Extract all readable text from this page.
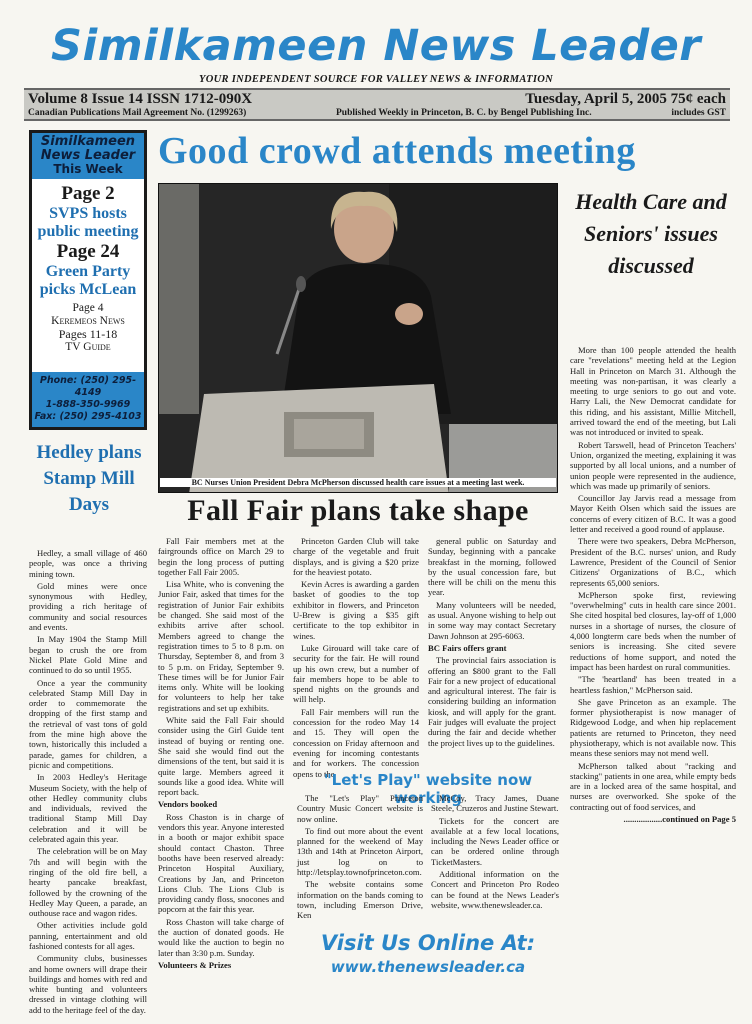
Similkameen News Leader
YOUR INDEPENDENT SOURCE FOR VALLEY NEWS & INFORMATION
Volume 8 Issue 14 ISSN 1712-090X	Tuesday, April 5, 2005 75¢ each
Canadian Publications Mail Agreement No. (1299263)	Published Weekly in Princeton, B. C. by Bengel Publishing Inc.	includes GST
Similkameen
News Leader
This Week
Page 2
SVPS hosts public meeting
Page 24
Green Party picks McLean
Page 4
Keremeos News
Pages 11-18
TV Guide
Phone: (250) 295-4149
1-888-350-9969
Fax: (250) 295-4103
Hedley plans Stamp Mill Days

Hedley, a small village of 460 people, was once a thriving mining town.

Gold mines were once synonymous with Hedley, providing a rich heritage of community and social resources and events.

In May 1904 the Stamp Mill began to crush the ore from Nickel Plate Gold Mine and continued to do so until 1955.

Once a year the community celebrated Stamp Mill Day in order to commemorate the dropping of the first stamp and the retrieval of vast tons of gold from the mine high above the town, historically this included a parade, games for children, a picnic and competitions.

In 2003 Hedley's Heritage Museum Society, with the help of other Hedley community clubs and individuals, revived the traditional Stamp Mill Day celebration and it will be celebrated again this year.

The celebration will be on May 7th and will begin with the ringing of the old fire bell, a hearty pancake breakfast, followed by the crowning of the Hedley May Queen, a parade, an outhouse race and wagon rides.

Other activities include gold panning, entertainment and old fashioned contests for all ages.

Community clubs, businesses and home owners will drape their buildings and homes with red and white bunting and volunteers dressed in vintage clothing will add to the heritage feel of the day.

Good crowd attends meeting
BC Nurses Union President Debra McPherson discussed health care issues at a meeting last week.
Health Care and Seniors' issues discussed

More than 100 people attended the health care "revelations" meeting held at the Legion Hall in Princeton on March 31. Although the meeting was non-partisan, it was clearly a meeting to urge seniors to go out and vote. Harry Lali, the New Democrat candidate for this riding, and his assistant, Millie Mitchell, arrived toward the end of the meeting, but Lali was not introduced or invited to speak.

Robert Tarswell, head of Princeton Teachers' Union, organized the meeting, explaining it was supported by all local unions, and a number of union people were represented in the audience, which was made up primarily of seniors.

Councillor Jay Jarvis read a message from Mayor Keith Olsen which said the issues are concerns of every citizen of B.C. It was a good letter and received a good round of applause.

There were two speakers, Debra McPherson, President of the B.C. nurses' union, and Rudy Lawrence, President of the Council of Senior Citizens' Organizations of B.C., which represents 65,000 seniors.

McPherson spoke first, reviewing "overwhelming" cuts in health care since 2001. She cited hospital bed closures, lay-off of 1,000 nurses in a shortage of nurses, the closure of 4,000 longterm care beds when the number of seniors is increasing. She cited severe reductions of home support, and noted the impact has been hardest on rural communities.

"The 'heartland' has been treated in a heartless fashion," McPherson said.

She gave Princeton as an example. The former physiotherapist is now manager of Ridgewood Lodge, and when hip replacement patients are returned to Princeton, they need physiotherapy, which is not available now. This means these seniors may not mend well.

McPherson talked about "racking and stacking" patients in one area, while empty beds are in a locked area of the same hospital, and nurses are overworked. She spoke of the contracting out of food services, and

..................continued on Page 5

Fall Fair plans take shape

Fall Fair members met at the fairgrounds office on March 29 to begin the long process of putting together Fall Fair 2005.

Lisa White, who is convening the Junior Fair, asked that times for the registration of Junior Fair exhibits be changed. She said most of the exhibits arrive after school. Members agreed to change the registration times to 5 to 8 p.m. on Thursday, September 8, and from 3 to 5 p.m. on Friday, September 9. These times will be for Junior Fair items only. White will be looking for volunteers to help her take registrations and set up exhibits.

White said the Fall Fair should consider using the Girl Guide tent instead of buying or renting one. She said she would find out the dimensions of the tent, but said it is quite large. Members agreed it sounds like a good idea. White will report back.

Vendors booked

Ross Chaston is in charge of vendors this year. Anyone interested in a booth or major exhibit space should contact Chaston. Three booths have been reserved already: Princeton Hospital Auxiliary, Creations by Jan, and Princeton Lions Club. The Lions Club is providing candy floss, snocones and popcorn at the fair this year.

Ross Chaston will take charge of the auction of donated goods. He would like the auction to begin no later than 3:30 p.m. Sunday.

Volunteers & Prizes

Princeton Garden Club will take charge of the vegetable and fruit displays, and is giving a $20 prize for the heaviest potato.

Kevin Acres is awarding a garden basket of goodies to the top exhibitor in flowers, and Princeton U-Brew is giving a $35 gift certificate to the top exhibitor in wines.

Luke Girouard will take care of security for the fair. He will round up his own crew, but a number of fair members hope to be able to spend nights on the grounds and will help.

Fall Fair members will run the concession for the rodeo May 14 and 15. They will open the concession on Friday afternoon and evening for incoming contestants and for workers. The concession opens to the

general public on Saturday and Sunday, beginning with a pancake breakfast in the morning, followed by the usual concession fare, but there will be chili on the menu this year.

Many volunteers will be needed, as usual. Anyone wishing to help out in some way may contact Secretary Dawn Johnson at 295-6063.

BC Fairs offers grant

The provincial fairs association is offering an $800 grant to the Fall Fair for a new project of educational and agricultural interest. The fair is considering building an information kiosk, and will apply for the grant. Fair judges will evaluate the project during the fair and decide whether the project lives up to the guidelines.

"Let's Play" website now working

The "Let's Play" Princeton Country Music Concert website is now online.

To find out more about the event planned for the weekend of May 13th and 14th at Princeton Airport, just log on to http://letsplay.townofprinceton.com.

The website contains some information on the bands coming to town, including Emerson Drive, Ken

McCoy, Tracy James, Duane Steele, Cruzeros and Justine Stewart.

Tickets for the concert are available at a few local locations, including the News Leader office or can be ordered online through TicketMasters.

Additional information on the Concert and Princeton Pro Rodeo can be found at the News Leader's website, www.thenewsleader.ca.

Visit Us Online At:
www.thenewsleader.ca
